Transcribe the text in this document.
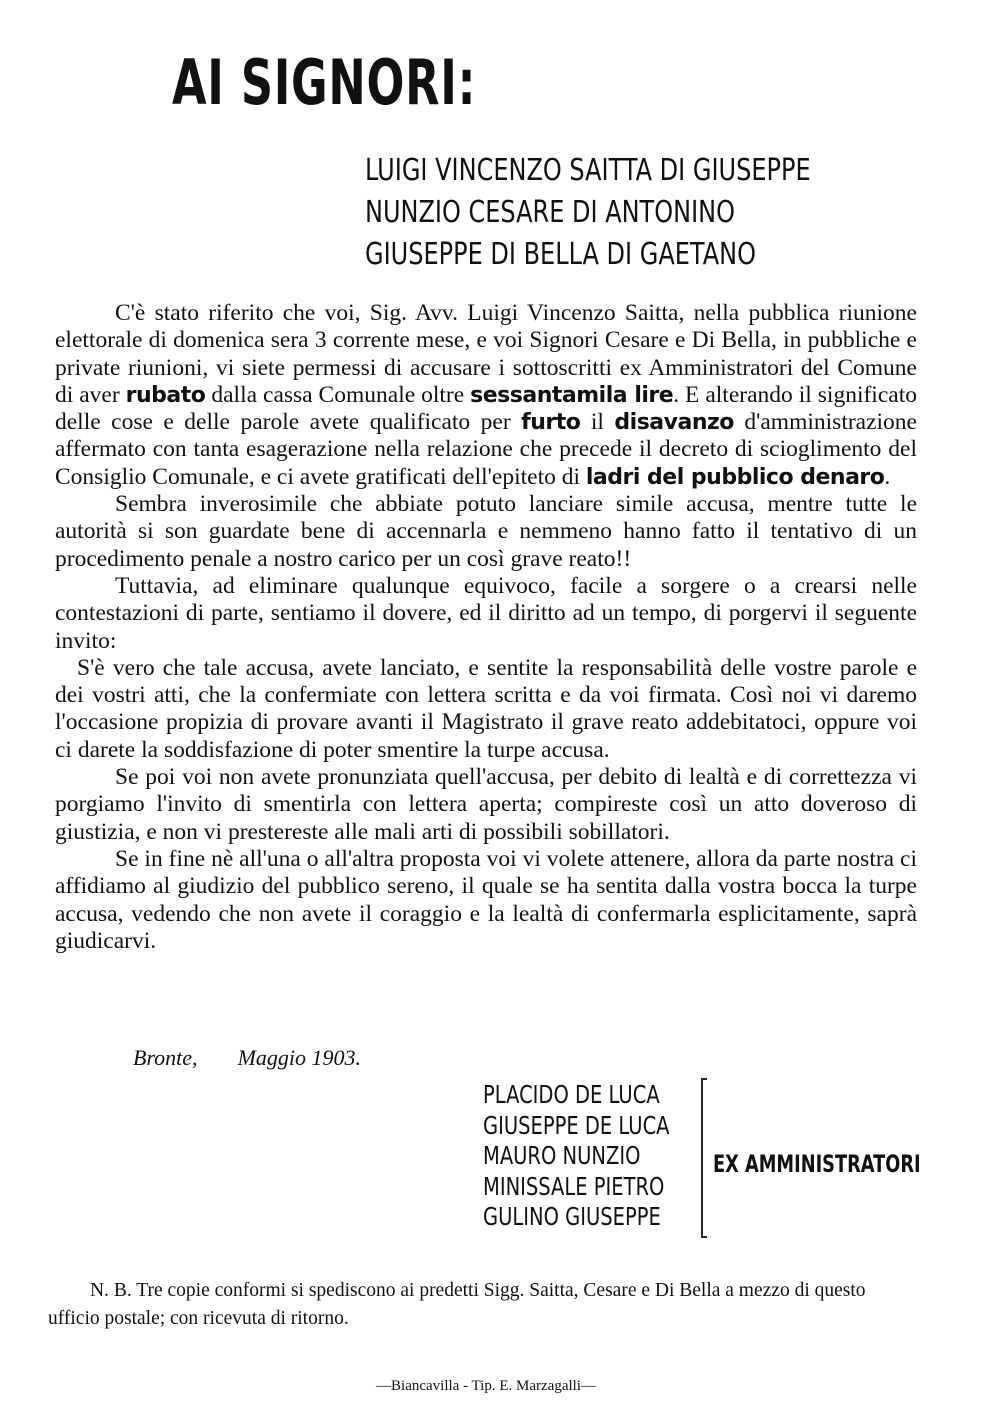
AI SIGNORI:
LUIGI VINCENZO SAITTA DI GIUSEPPE
NUNZIO CESARE DI ANTONINO
GIUSEPPE DI BELLA DI GAETANO

C'è stato riferito che voi, Sig. Avv. Luigi Vincenzo Saitta, nella pubblica riunione elettorale di domenica sera 3 corrente mese, e voi Signori Cesare e Di Bella, in pubbliche e private riunioni, vi siete permessi di accusare i sottoscritti ex Amministratori del Comune di aver rubato dalla cassa Comunale oltre sessantamila lire. E alterando il significato delle cose e delle parole avete qualificato per furto il disavanzo d'amministrazione affermato con tanta esagerazione nella relazione che precede il decreto di scioglimento del Consiglio Comunale, e ci avete gratificati dell'epiteto di ladri del pubblico denaro.

Sembra inverosimile che abbiate potuto lanciare simile accusa, mentre tutte le autorità si son guardate bene di accennarla e nemmeno hanno fatto il tentativo di un procedimento penale a nostro carico per un così grave reato!!

Tuttavia, ad eliminare qualunque equivoco, facile a sorgere o a crearsi nelle contestazioni di parte, sentiamo il dovere, ed il diritto ad un tempo, di porgervi il seguente invito:

S'è vero che tale accusa, avete lanciato, e sentite la responsabilità delle vostre parole e dei vostri atti, che la confermiate con lettera scritta e da voi firmata. Così noi vi daremo l'occasione propizia di provare avanti il Magistrato il grave reato addebitatoci, oppure voi ci darete la soddisfazione di poter smentire la turpe accusa.

Se poi voi non avete pronunziata quell'accusa, per debito di lealtà e di correttezza vi porgiamo l'invito di smentirla con lettera aperta; compireste così un atto doveroso di giustizia, e non vi prestereste alle mali arti di possibili sobillatori.

Se in fine nè all'una o all'altra proposta voi vi volete attenere, allora da parte nostra ci affidiamo al giudizio del pubblico sereno, il quale se ha sentita dalla vostra bocca la turpe accusa, vedendo che non avete il coraggio e la lealtà di confermarla esplicitamente, saprà giudicarvi.

Bronte, Maggio 1903.
PLACIDO DE LUCA
GIUSEPPE DE LUCA
MAURO NUNZIO
MINISSALE PIETRO
GULINO GIUSEPPE
EX AMMINISTRATORI
N. B. Tre copie conformi si spediscono ai predetti Sigg. Saitta, Cesare e Di Bella a mezzo di questo ufficio postale; con ricevuta di ritorno.
—Biancavilla - Tip. E. Marzagalli—
